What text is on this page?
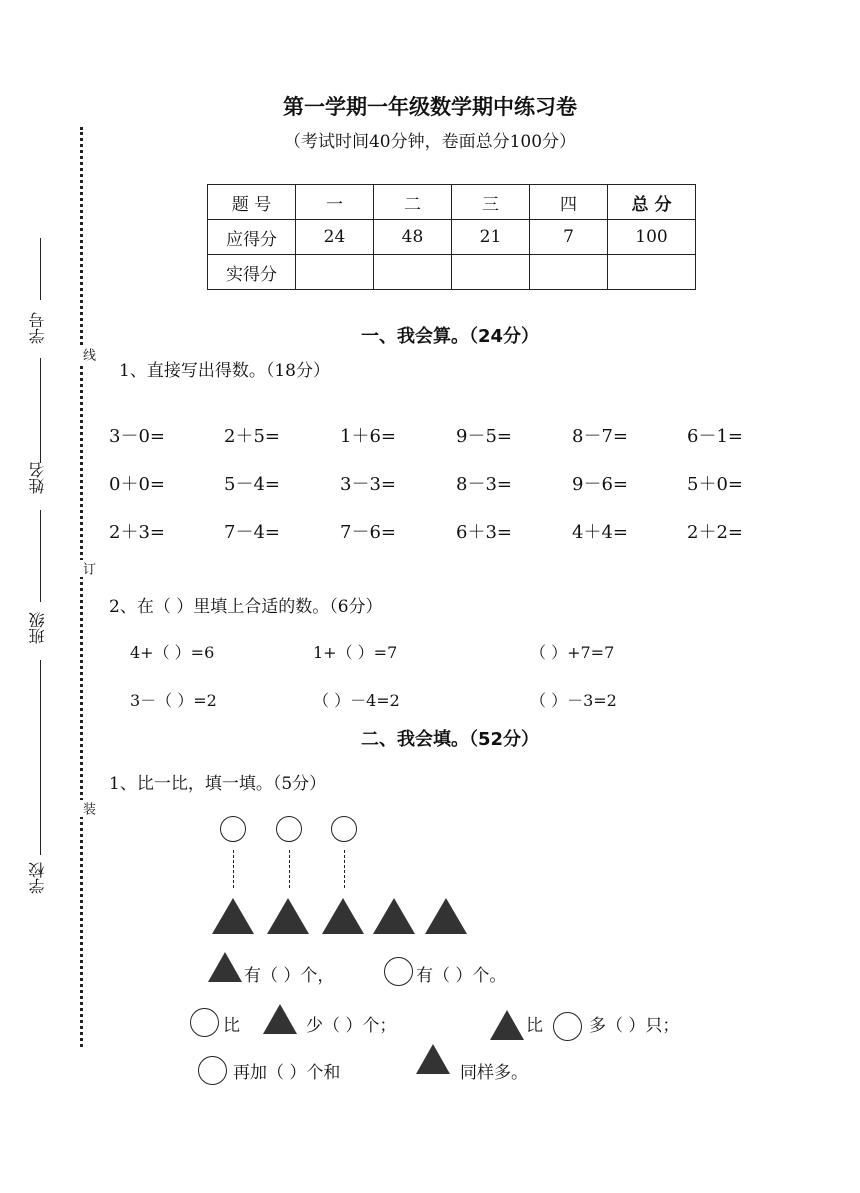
学号
姓名
班级
学校
线
订
装
第一学期一年级数学期中练习卷
（考试时间40分钟，卷面总分100分）
题 号	一	二	三	四	总 分
应得分	24	48	21	7	100
实得分					
一、我会算。（24分）
1、直接写出得数。（18分）
3－0=	2＋5=	1＋6=	9－5=	8－7=	6－1=
0＋0=	5－4=	3－3=	8－3=	9－6=	5＋0=
2＋3=	7－4=	7－6=	6＋3=	4＋4=	2＋2=
2、在（ ）里填上合适的数。（6分）
4+（ ）=6	1+（ ）=7	（ ）+7=7
3－（ ）=2	（ ）－4=2	（ ）－3=2
二、我会填。（52分）
1、比一比，填一填。（5分）
有（ ）个，	有（ ）个。
比	少（ ）个；	比	多（ ）只；
再加（ ）个和	同样多。
